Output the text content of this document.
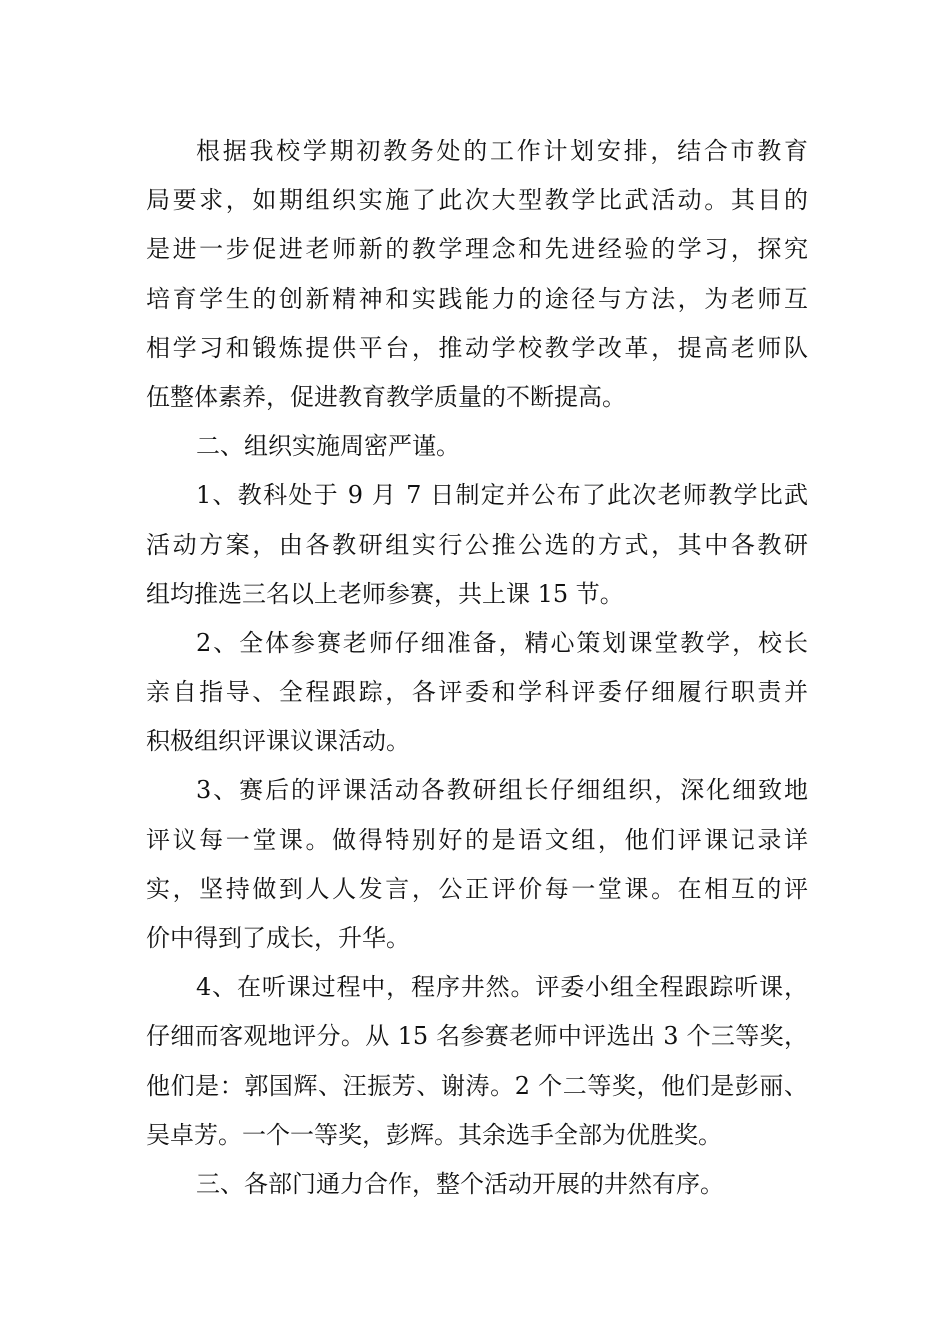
根据我校学期初教务处的工作计划安排，结合市教育
局要求，如期组织实施了此次大型教学比武活动。其目的
是进一步促进老师新的教学理念和先进经验的学习，探究
培育学生的创新精神和实践能力的途径与方法，为老师互
相学习和锻炼提供平台，推动学校教学改革，提高老师队
伍整体素养，促进教育教学质量的不断提高。
二、组织实施周密严谨。
1、教科处于 9 月 7 日制定并公布了此次老师教学比武
活动方案，由各教研组实行公推公选的方式，其中各教研
组均推选三名以上老师参赛，共上课 15 节。
2、全体参赛老师仔细准备，精心策划课堂教学，校长
亲自指导、全程跟踪，各评委和学科评委仔细履行职责并
积极组织评课议课活动。
3、赛后的评课活动各教研组长仔细组织，深化细致地
评议每一堂课。做得特别好的是语文组，他们评课记录详
实，坚持做到人人发言，公正评价每一堂课。在相互的评
价中得到了成长，升华。
4、在听课过程中，程序井然。评委小组全程跟踪听课，
仔细而客观地评分。从 15 名参赛老师中评选出 3 个三等奖，
他们是：郭国辉、汪振芳、谢涛。2 个二等奖，他们是彭丽、
吴卓芳。一个一等奖，彭辉。其余选手全部为优胜奖。
三、各部门通力合作，整个活动开展的井然有序。
